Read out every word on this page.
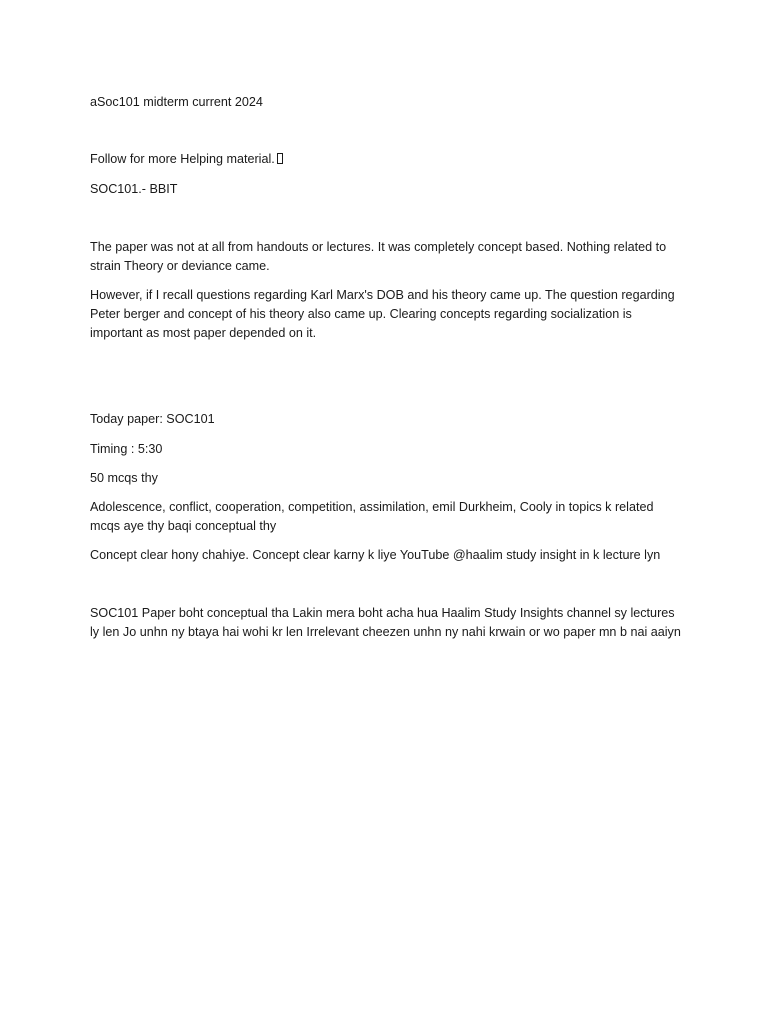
aSoc101 midterm current 2024

Follow for more Helping material.

SOC101.- BBIT

The paper was not at all from handouts or lectures. It was completely concept based. Nothing related to strain Theory or deviance came.

However, if I recall questions regarding Karl Marx's DOB and his theory came up. The question regarding Peter berger and concept of his theory also came up. Clearing concepts regarding socialization is important as most paper depended on it.

Today paper: SOC101

Timing : 5:30

50 mcqs thy

Adolescence, conflict, cooperation, competition, assimilation, emil Durkheim, Cooly in topics k related mcqs aye thy baqi conceptual thy

Concept clear hony chahiye. Concept clear karny k liye YouTube @haalim study insight in k lecture lyn

SOC101 Paper boht conceptual tha Lakin mera boht acha hua Haalim Study Insights channel sy lectures ly len Jo unhn ny btaya hai wohi kr len Irrelevant cheezen unhn ny nahi krwain or wo paper mn b nai aaiyn
